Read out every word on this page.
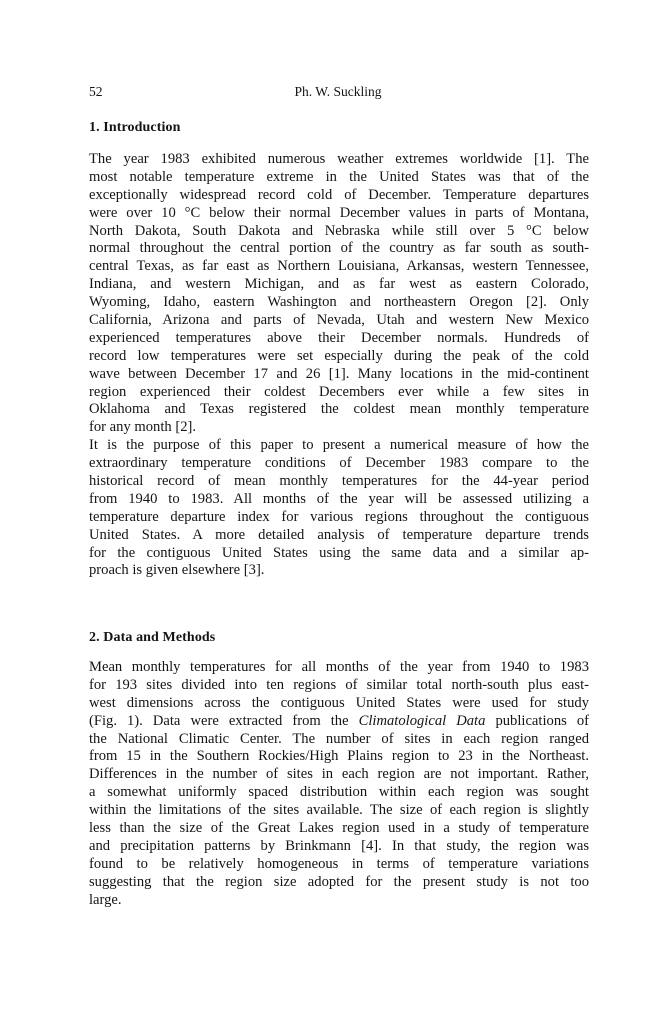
52	Ph. W. Suckling
1. Introduction
The year 1983 exhibited numerous weather extremes worldwide [1]. The
most notable temperature extreme in the United States was that of the
exceptionally widespread record cold of December. Temperature departures
were over 10 °C below their normal December values in parts of Montana,
North Dakota, South Dakota and Nebraska while still over 5 °C below
normal throughout the central portion of the country as far south as south-
central Texas, as far east as Northern Louisiana, Arkansas, western Tennessee,
Indiana, and western Michigan, and as far west as eastern Colorado,
Wyoming, Idaho, eastern Washington and northeastern Oregon [2]. Only
California, Arizona and parts of Nevada, Utah and western New Mexico
experienced temperatures above their December normals. Hundreds of
record low temperatures were set especially during the peak of the cold
wave between December 17 and 26 [1]. Many locations in the mid-continent
region experienced their coldest Decembers ever while a few sites in
Oklahoma and Texas registered the coldest mean monthly temperature
for any month [2].
It is the purpose of this paper to present a numerical measure of how the
extraordinary temperature conditions of December 1983 compare to the
historical record of mean monthly temperatures for the 44-year period
from 1940 to 1983. All months of the year will be assessed utilizing a
temperature departure index for various regions throughout the contiguous
United States. A more detailed analysis of temperature departure trends
for the contiguous United States using the same data and a similar ap-
proach is given elsewhere [3].
2. Data and Methods
Mean monthly temperatures for all months of the year from 1940 to 1983
for 193 sites divided into ten regions of similar total north-south plus east-
west dimensions across the contiguous United States were used for study
(Fig. 1). Data were extracted from the Climatological Data publications of
the National Climatic Center. The number of sites in each region ranged
from 15 in the Southern Rockies/High Plains region to 23 in the Northeast.
Differences in the number of sites in each region are not important. Rather,
a somewhat uniformly spaced distribution within each region was sought
within the limitations of the sites available. The size of each region is slightly
less than the size of the Great Lakes region used in a study of temperature
and precipitation patterns by Brinkmann [4]. In that study, the region was
found to be relatively homogeneous in terms of temperature variations
suggesting that the region size adopted for the present study is not too
large.
